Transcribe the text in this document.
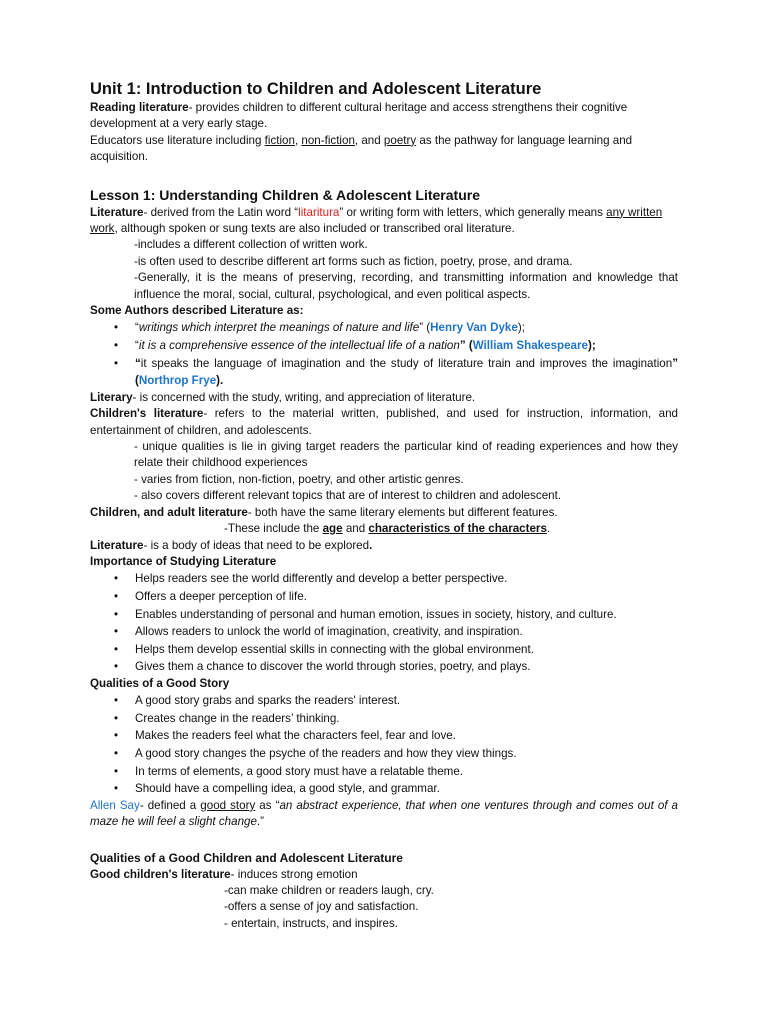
Unit 1: Introduction to Children and Adolescent Literature

Reading literature- provides children to different cultural heritage and access strengthens their cognitive development at a very early stage.

Educators use literature including fiction, non-fiction, and poetry as the pathway for language learning and acquisition.

Lesson 1: Understanding Children & Adolescent Literature

Literature- derived from the Latin word “litaritura” or writing form with letters, which generally means any written work, although spoken or sung texts are also included or transcribed oral literature.

-includes a different collection of written work.

-is often used to describe different art forms such as fiction, poetry, prose, and drama.

-Generally, it is the means of preserving, recording, and transmitting information and knowledge that influence the moral, social, cultural, psychological, and even political aspects.

Some Authors described Literature as:

• “writings which interpret the meanings of nature and life” (Henry Van Dyke);
• “it is a comprehensive essence of the intellectual life of a nation” (William Shakespeare);
• “it speaks the language of imagination and the study of literature train and improves the imagination” (Northrop Frye).

Literary- is concerned with the study, writing, and appreciation of literature.

Children's literature- refers to the material written, published, and used for instruction, information, and entertainment of children, and adolescents.

- unique qualities is lie in giving target readers the particular kind of reading experiences and how they relate their childhood experiences

- varies from fiction, non-fiction, poetry, and other artistic genres.

- also covers different relevant topics that are of interest to children and adolescent.

Children, and adult literature- both have the same literary elements but different features.

-These include the age and characteristics of the characters.

Literature- is a body of ideas that need to be explored.

Importance of Studying Literature

• Helps readers see the world differently and develop a better perspective.
• Offers a deeper perception of life.
• Enables understanding of personal and human emotion, issues in society, history, and culture.
• Allows readers to unlock the world of imagination, creativity, and inspiration.
• Helps them develop essential skills in connecting with the global environment.
• Gives them a chance to discover the world through stories, poetry, and plays.

Qualities of a Good Story

• A good story grabs and sparks the readers' interest.
• Creates change in the readers’ thinking.
• Makes the readers feel what the characters feel, fear and love.
• A good story changes the psyche of the readers and how they view things.
• In terms of elements, a good story must have a relatable theme.
• Should have a compelling idea, a good style, and grammar.

Allen Say- defined a good story as “an abstract experience, that when one ventures through and comes out of a maze he will feel a slight change.”

Qualities of a Good Children and Adolescent Literature

Good children's literature- induces strong emotion

-can make children or readers laugh, cry.

-offers a sense of joy and satisfaction.

- entertain, instructs, and inspires.
